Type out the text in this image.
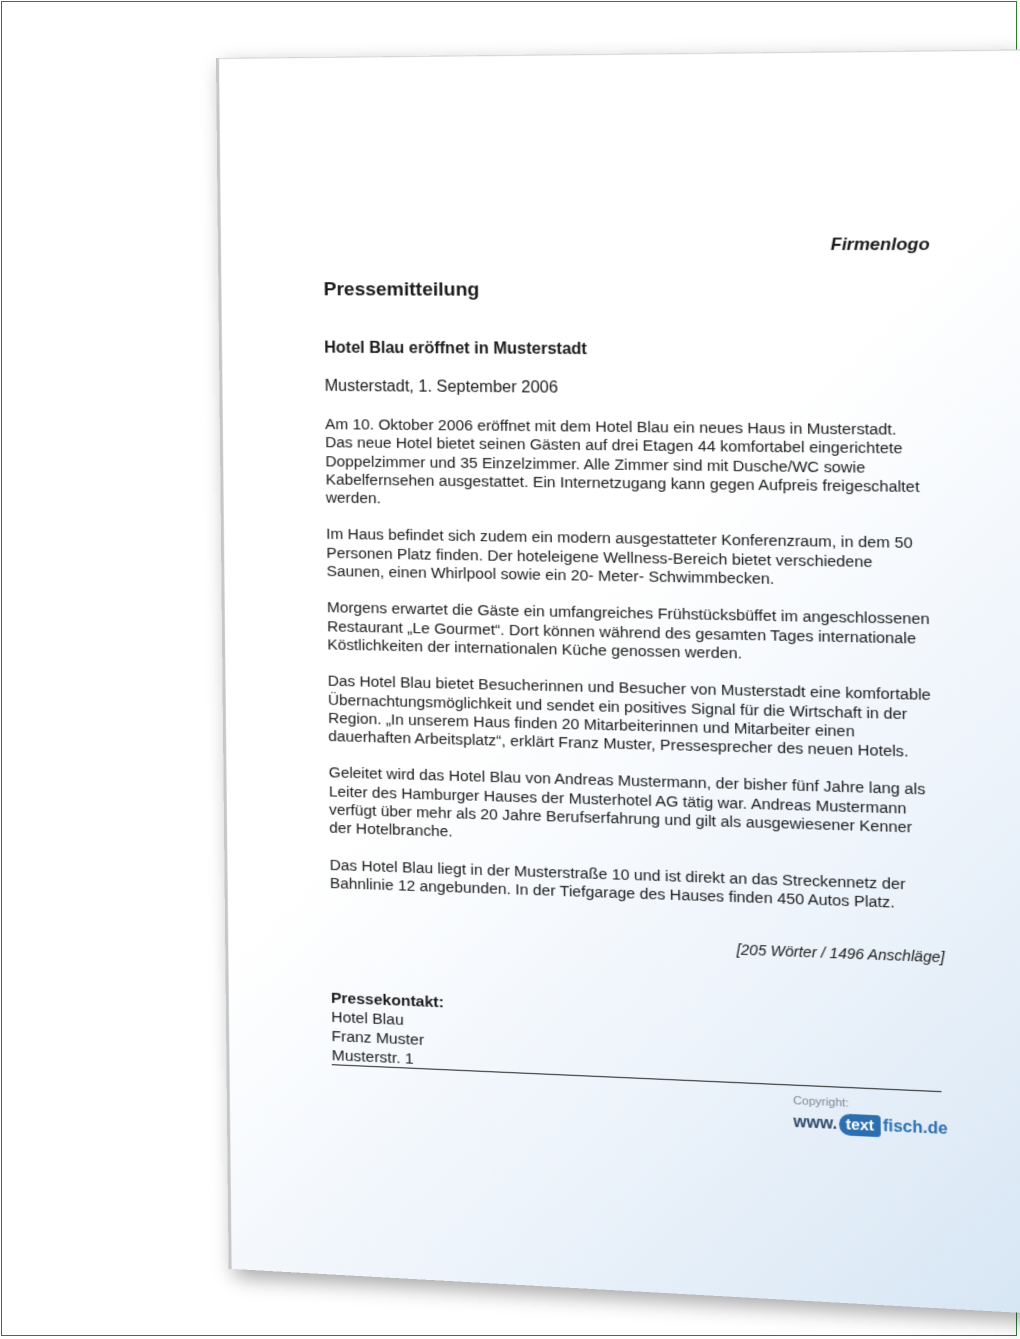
Firmenlogo
Pressemitteilung
Hotel Blau eröffnet in Musterstadt
Musterstadt, 1. September 2006

Am 10. Oktober 2006 eröffnet mit dem Hotel Blau ein neues Haus in Musterstadt. Das neue Hotel bietet seinen Gästen auf drei Etagen 44 komfortabel eingerichtete Doppelzimmer und 35 Einzelzimmer. Alle Zimmer sind mit Dusche/WC sowie Kabelfernsehen ausgestattet. Ein Internetzugang kann gegen Aufpreis freigeschaltet werden.

Im Haus befindet sich zudem ein modern ausgestatteter Konferenzraum, in dem 50 Personen Platz finden. Der hoteleigene Wellness-Bereich bietet verschiedene Saunen, einen Whirlpool sowie ein 20- Meter- Schwimmbecken.

Morgens erwartet die Gäste ein umfangreiches Frühstücksbüffet im angeschlossenen Restaurant „Le Gourmet“. Dort können während des gesamten Tages internationale Köstlichkeiten der internationalen Küche genossen werden.

Das Hotel Blau bietet Besucherinnen und Besucher von Musterstadt eine komfortable Übernachtungsmöglichkeit und sendet ein positives Signal für die Wirtschaft in der Region. „In unserem Haus finden 20 Mitarbeiterinnen und Mitarbeiter einen dauerhaften Arbeitsplatz“, erklärt Franz Muster, Pressesprecher des neuen Hotels.

Geleitet wird das Hotel Blau von Andreas Mustermann, der bisher fünf Jahre lang als Leiter des Hamburger Hauses der Musterhotel AG tätig war. Andreas Mustermann verfügt über mehr als 20 Jahre Berufserfahrung und gilt als ausgewiesener Kenner der Hotelbranche.

Das Hotel Blau liegt in der Musterstraße 10 und ist direkt an das Streckennetz der Bahnlinie 12 angebunden. In der Tiefgarage des Hauses finden 450 Autos Platz.

[205 Wörter / 1496 Anschläge]
Pressekontakt:
Hotel Blau
Franz Muster
Musterstr. 1
Copyright:
www. text fisch.de
